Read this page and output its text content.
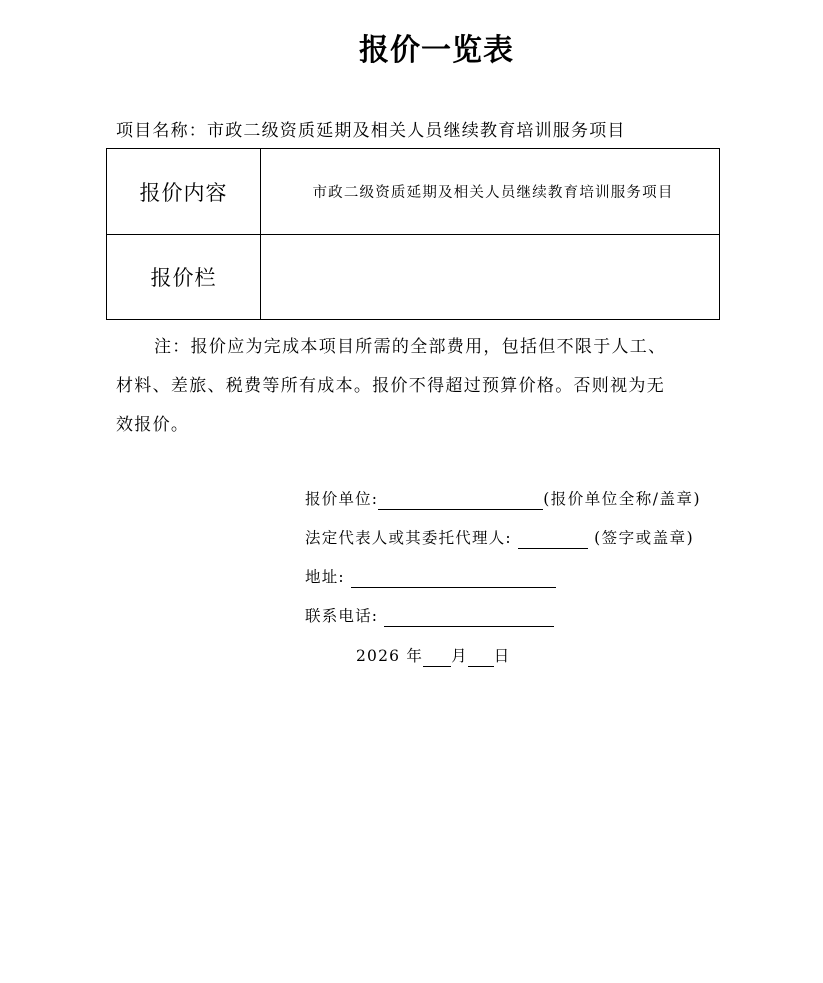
报价一览表
项目名称：市政二级资质延期及相关人员继续教育培训服务项目
报价内容	市政二级资质延期及相关人员继续教育培训服务项目
报价栏
注：报价应为完成本项目所需的全部费用，包括但不限于人工、
材料、差旅、税费等所有成本。报价不得超过预算价格。否则视为无
效报价。
报价单位:	(报价单位全称/盖章)
法定代表人或其委托代理人:	(签字或盖章)
地址:
联系电话:
2026 年 月 日
